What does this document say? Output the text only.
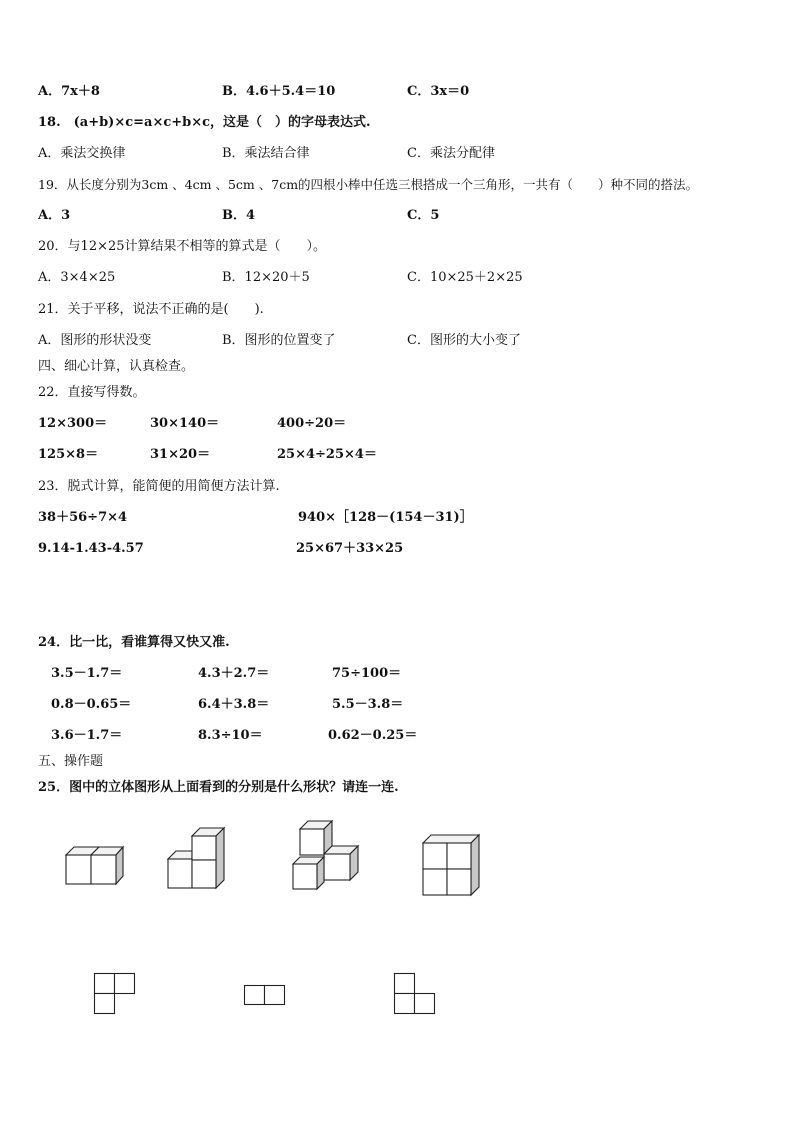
A．7x＋8	B．4.6＋5.4＝10	C．3x＝0
18.　(a+b)×c=a×c+b×c，这是（　）的字母表达式.
A．乘法交换律	B．乘法结合律	C．乘法分配律
19．从长度分别为3cm 、4cm 、5cm 、7cm的四根小棒中任选三根搭成一个三角形，一共有（　　）种不同的搭法。
A．3	B．4	C．5
20．与12×25计算结果不相等的算式是（　　）。
A．3×4×25	B．12×20＋5	C．10×25＋2×25
21．关于平移，说法不正确的是(　　).
A．图形的形状没变	B．图形的位置变了	C．图形的大小变了
四、细心计算，认真检查。
22．直接写得数。
12×300＝	30×140＝	400÷20＝
125×8＝	31×20＝	25×4÷25×4＝
23．脱式计算，能简便的用简便方法计算.
38＋56÷7×4	940×［128－(154－31)］
9.14-1.43-4.57	25×67＋33×25
24．比一比，看谁算得又快又准.
3.5－1.7＝	4.3＋2.7＝	75÷100＝
0.8－0.65＝	6.4＋3.8＝	5.5－3.8＝
3.6－1.7＝	8.3÷10＝	0.62－0.25＝
五、操作题
25．图中的立体图形从上面看到的分别是什么形状？请连一连.
